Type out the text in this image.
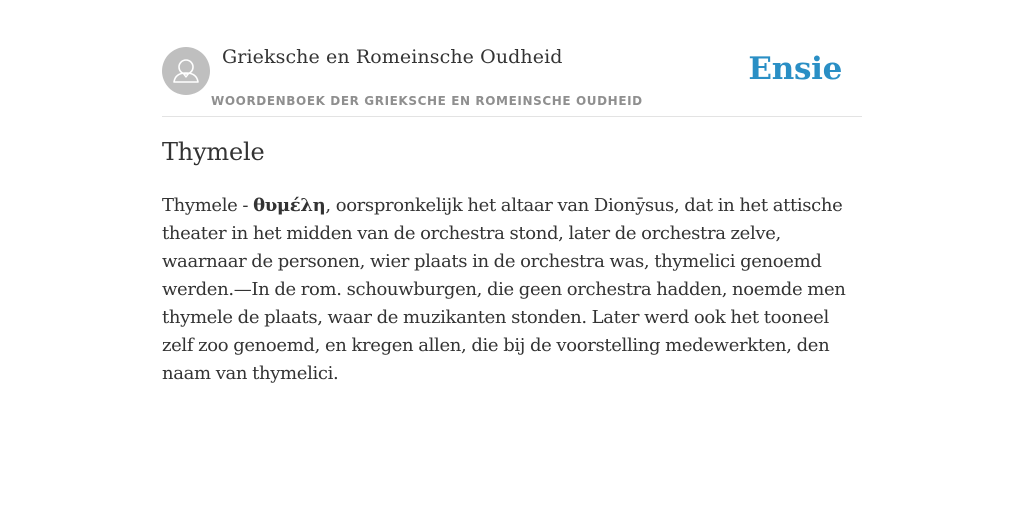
Grieksche en Romeinsche Oudheid
WOORDENBOEK DER GRIEKSCHE EN ROMEINSCHE OUDHEID
Ensie
Thymele

Thymele - θυμέλη, oorspronkelijk het altaar van Dionȳsus, dat in het attische theater in het midden van de orchestra stond, later de orchestra zelve, waarnaar de personen, wier plaats in de orchestra was, thymelici genoemd werden.—In de rom. schouwburgen, die geen orchestra hadden, noemde men thymele de plaats, waar de muzikanten stonden. Later werd ook het tooneel zelf zoo genoemd, en kregen allen, die bij de voorstelling medewerkten, den naam van thymelici.
